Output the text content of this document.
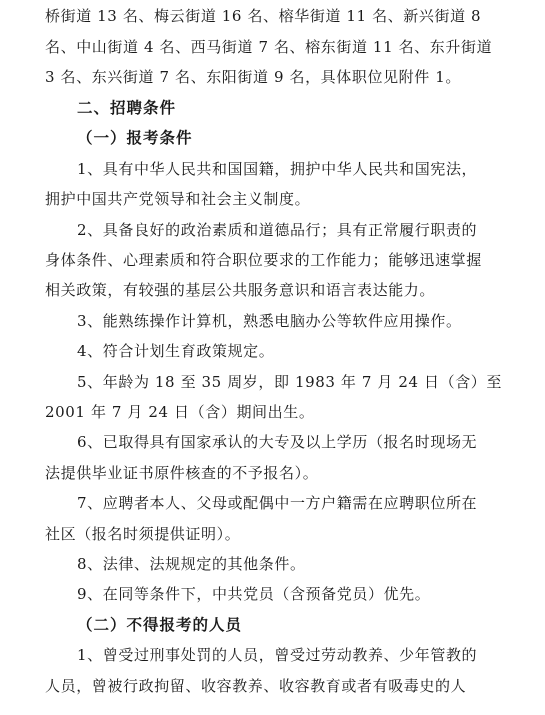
桥街道 13 名、梅云街道 16 名、榕华街道 11 名、新兴街道 8
名、中山街道 4 名、西马街道 7 名、榕东街道 11 名、东升街道
3 名、东兴街道 7 名、东阳街道 9 名，具体职位见附件 1。
二、招聘条件
（一）报考条件
1、具有中华人民共和国国籍，拥护中华人民共和国宪法，
拥护中国共产党领导和社会主义制度。
2、具备良好的政治素质和道德品行；具有正常履行职责的
身体条件、心理素质和符合职位要求的工作能力；能够迅速掌握
相关政策，有较强的基层公共服务意识和语言表达能力。
3、能熟练操作计算机，熟悉电脑办公等软件应用操作。
4、符合计划生育政策规定。
5、年龄为 18 至 35 周岁，即 1983 年 7 月 24 日（含）至
2001 年 7 月 24 日（含）期间出生。
6、已取得具有国家承认的大专及以上学历（报名时现场无
法提供毕业证书原件核查的不予报名）。
7、应聘者本人、父母或配偶中一方户籍需在应聘职位所在
社区（报名时须提供证明）。
8、法律、法规规定的其他条件。
9、在同等条件下，中共党员（含预备党员）优先。
（二）不得报考的人员
1、曾受过刑事处罚的人员，曾受过劳动教养、少年管教的
人员，曾被行政拘留、收容教养、收容教育或者有吸毒史的人
